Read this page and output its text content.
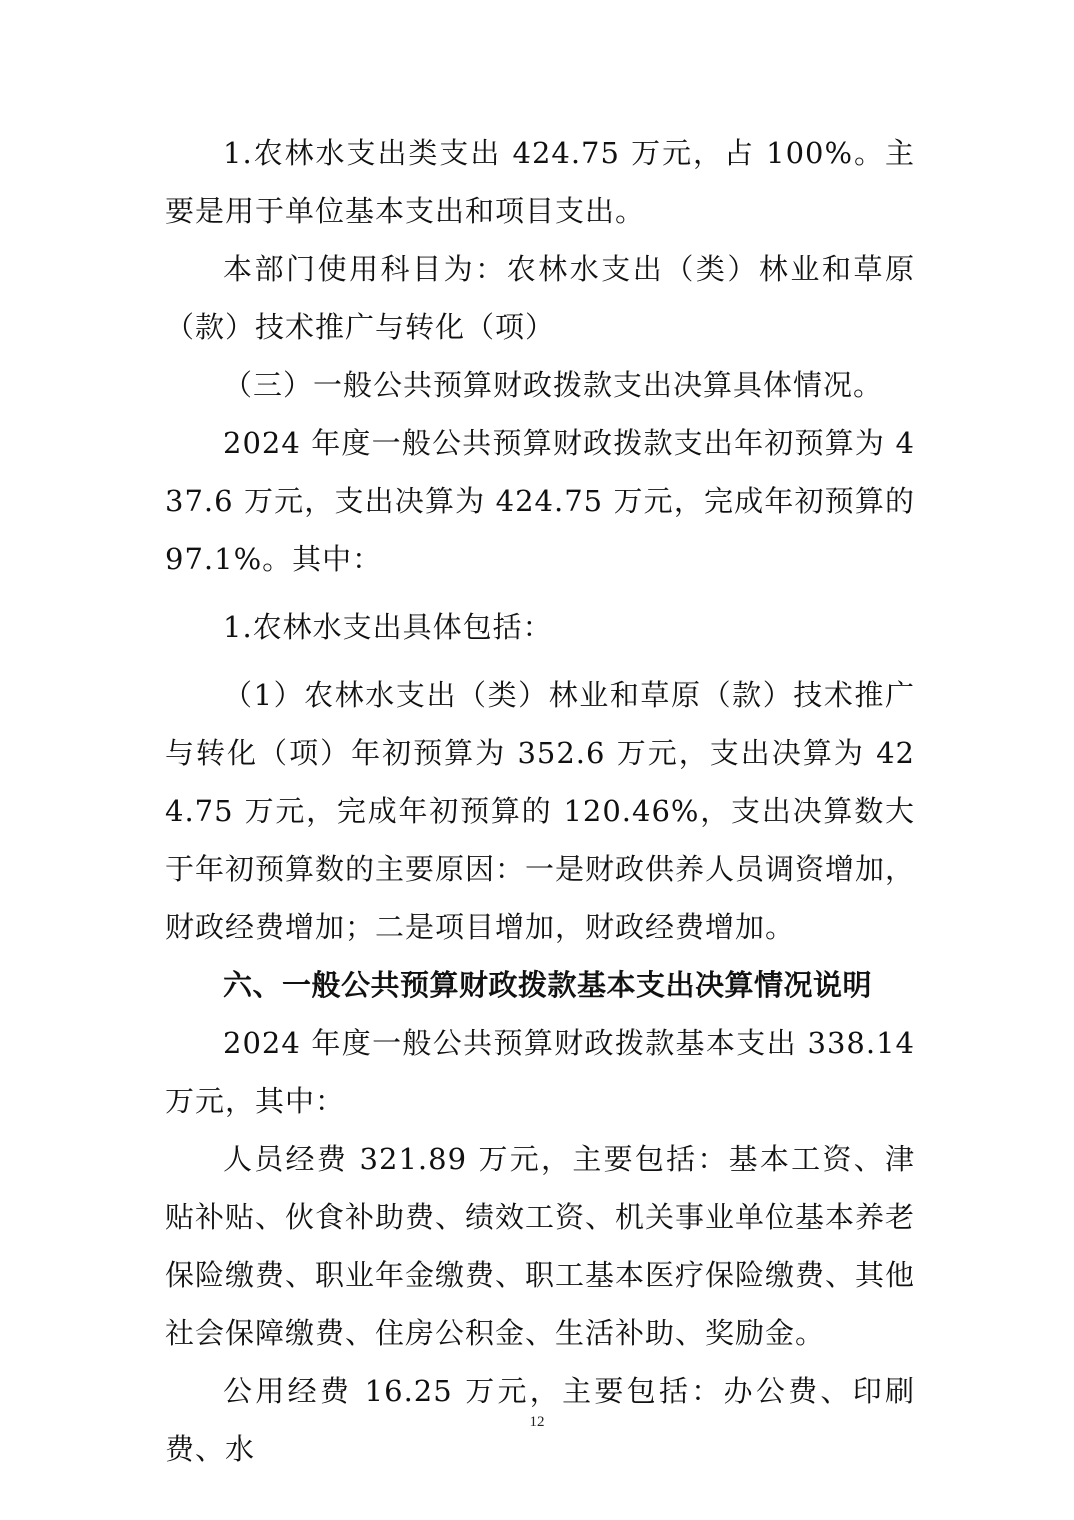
1.农林水支出类支出 424.75 万元，占 100%。主要是用于单位基本支出和项目支出。

本部门使用科目为：农林水支出（类）林业和草原（款）技术推广与转化（项）

（三）一般公共预算财政拨款支出决算具体情况。

2024 年度一般公共预算财政拨款支出年初预算为 437.6 万元，支出决算为 424.75 万元，完成年初预算的 97.1%。其中：

1.农林水支出具体包括：

（1）农林水支出（类）林业和草原（款）技术推广与转化（项）年初预算为 352.6 万元，支出决算为 424.75 万元，完成年初预算的 120.46%，支出决算数大于年初预算数的主要原因：一是财政供养人员调资增加，财政经费增加；二是项目增加，财政经费增加。

六、一般公共预算财政拨款基本支出决算情况说明

2024 年度一般公共预算财政拨款基本支出 338.14 万元，其中：

人员经费 321.89 万元，主要包括：基本工资、津贴补贴、伙食补助费、绩效工资、机关事业单位基本养老保险缴费、职业年金缴费、职工基本医疗保险缴费、其他社会保障缴费、住房公积金、生活补助、奖励金。

公用经费 16.25 万元，主要包括：办公费、印刷费、水

12
